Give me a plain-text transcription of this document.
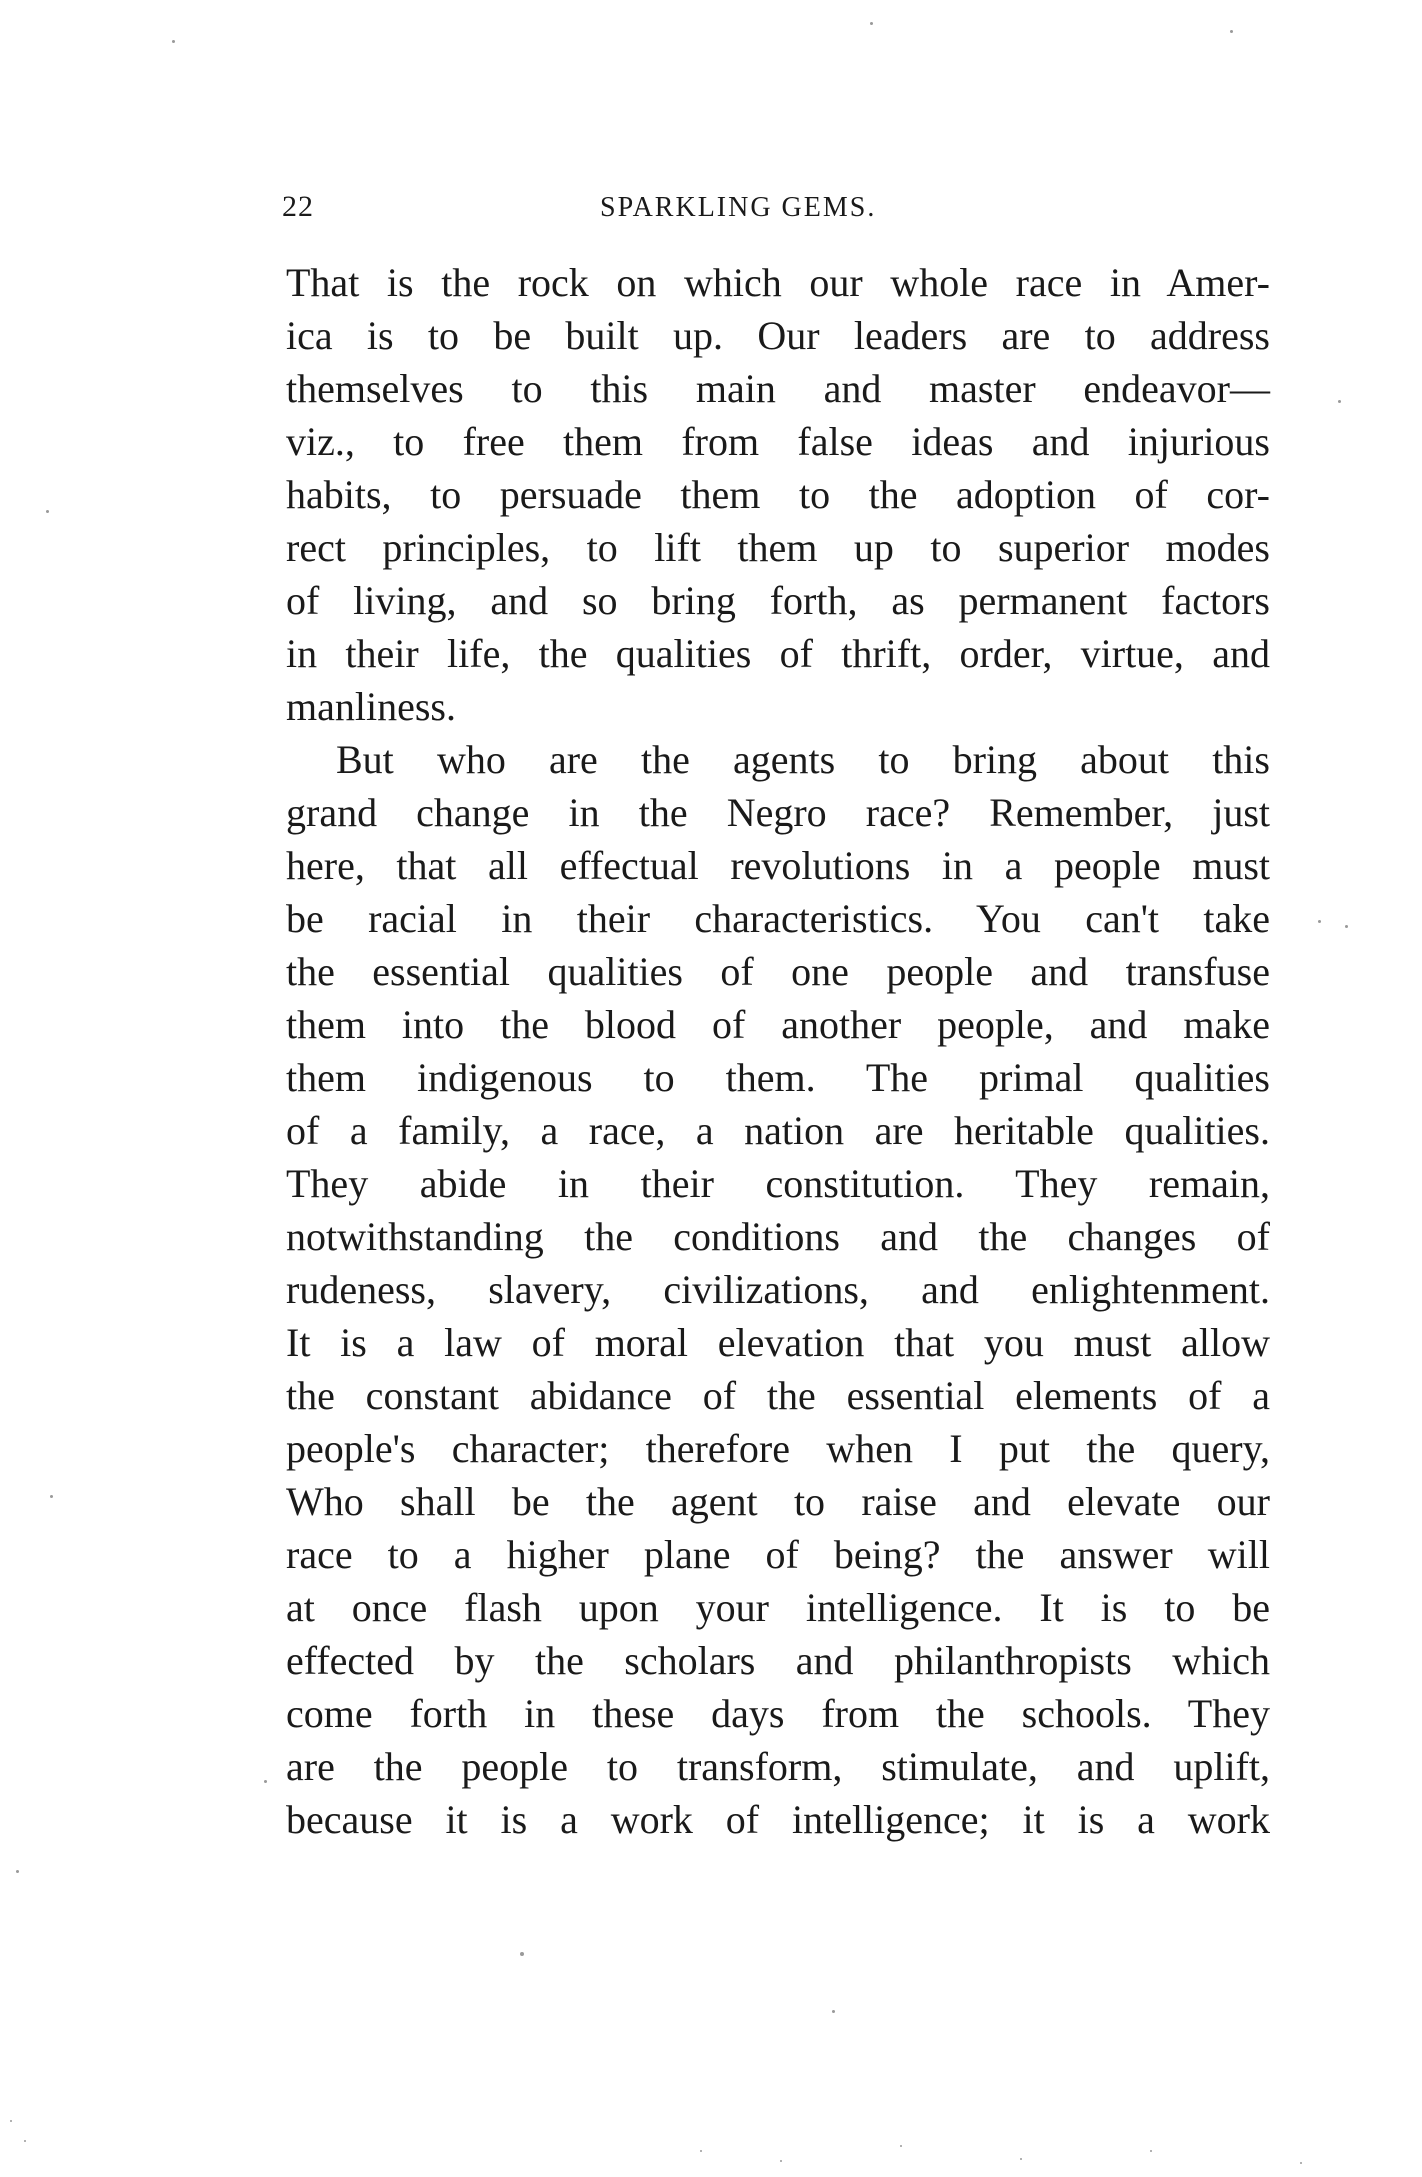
22	SPARKLING GEMS.
That is the rock on which our whole race in Amer-
ica is to be built up. Our leaders are to address
themselves to this main and master endeavor—
viz., to free them from false ideas and injurious
habits, to persuade them to the adoption of cor-
rect principles, to lift them up to superior modes
of living, and so bring forth, as permanent factors
in their life, the qualities of thrift, order, virtue, and
manliness.
But who are the agents to bring about this
grand change in the Negro race? Remember, just
here, that all effectual revolutions in a people must
be racial in their characteristics. You can't take
the essential qualities of one people and transfuse
them into the blood of another people, and make
them indigenous to them. The primal qualities
of a family, a race, a nation are heritable qualities.
They abide in their constitution. They remain,
notwithstanding the conditions and the changes of
rudeness, slavery, civilizations, and enlightenment.
It is a law of moral elevation that you must allow
the constant abidance of the essential elements of a
people's character; therefore when I put the query,
Who shall be the agent to raise and elevate our
race to a higher plane of being? the answer will
at once flash upon your intelligence. It is to be
effected by the scholars and philanthropists which
come forth in these days from the schools. They
are the people to transform, stimulate, and uplift,
because it is a work of intelligence; it is a work
